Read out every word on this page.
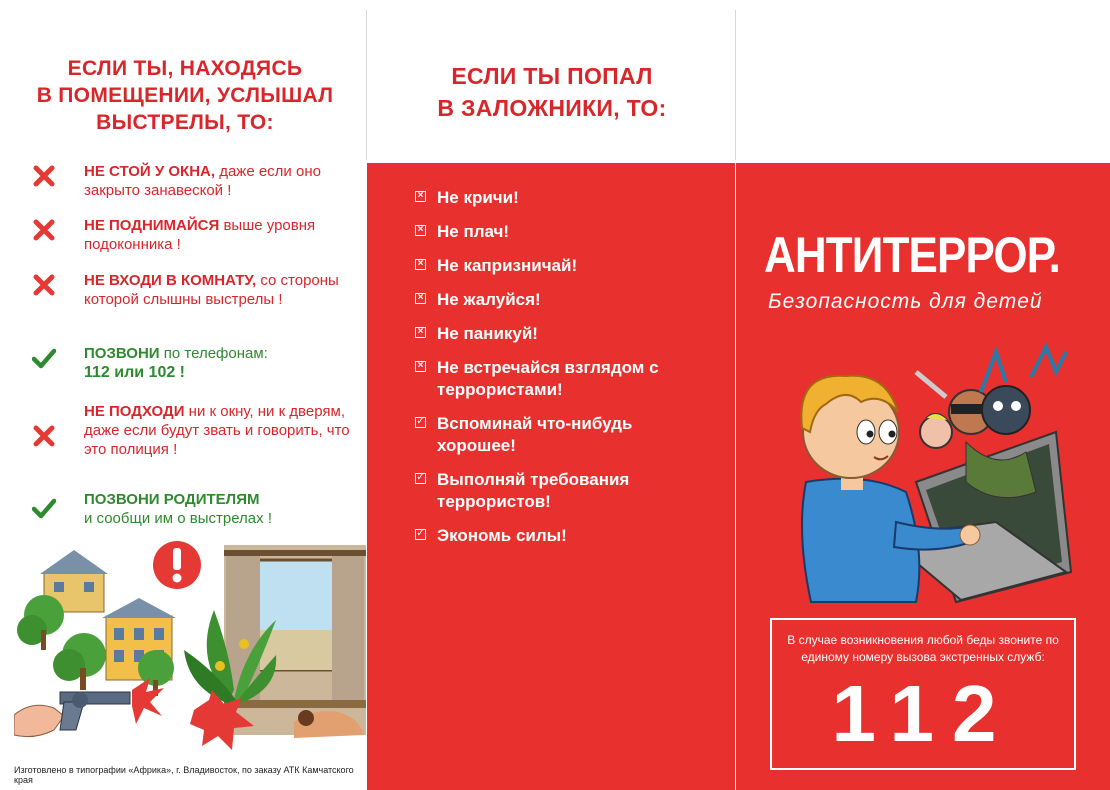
ЕСЛИ ТЫ, НАХОДЯСЬ
В ПОМЕЩЕНИИ, УСЛЫШАЛ
ВЫСТРЕЛЫ, ТО:
НЕ СТОЙ У ОКНА, даже если оно закрыто занавеской !
НЕ ПОДНИМАЙСЯ выше уровня подоконника !
НЕ ВХОДИ В КОМНАТУ, со стороны которой слышны выстрелы !
ПОЗВОНИ по телефонам:
112 или 102 !
НЕ ПОДХОДИ ни к окну, ни к дверям, даже если будут звать и говорить, что это полиция !
ПОЗВОНИ РОДИТЕЛЯМ
и сообщи им о выстрелах !
Изготовлено в типографии «Африка», г. Владивосток, по заказу АТК Камчатского края
ЕСЛИ ТЫ ПОПАЛ
В ЗАЛОЖНИКИ, ТО:
× Не кричи!
× Не плач!
× Не капризничай!
× Не жалуйся!
× Не паникуй!
× Не встречайся взглядом с террористами!
✓ Вспоминай что-нибудь хорошее!
✓ Выполняй требования террористов!
✓ Экономь силы!
АНТИТЕРРОР.
Безопасность для детей
В случае возникновения любой беды звоните по единому номеру вызова экстренных служб:
112
